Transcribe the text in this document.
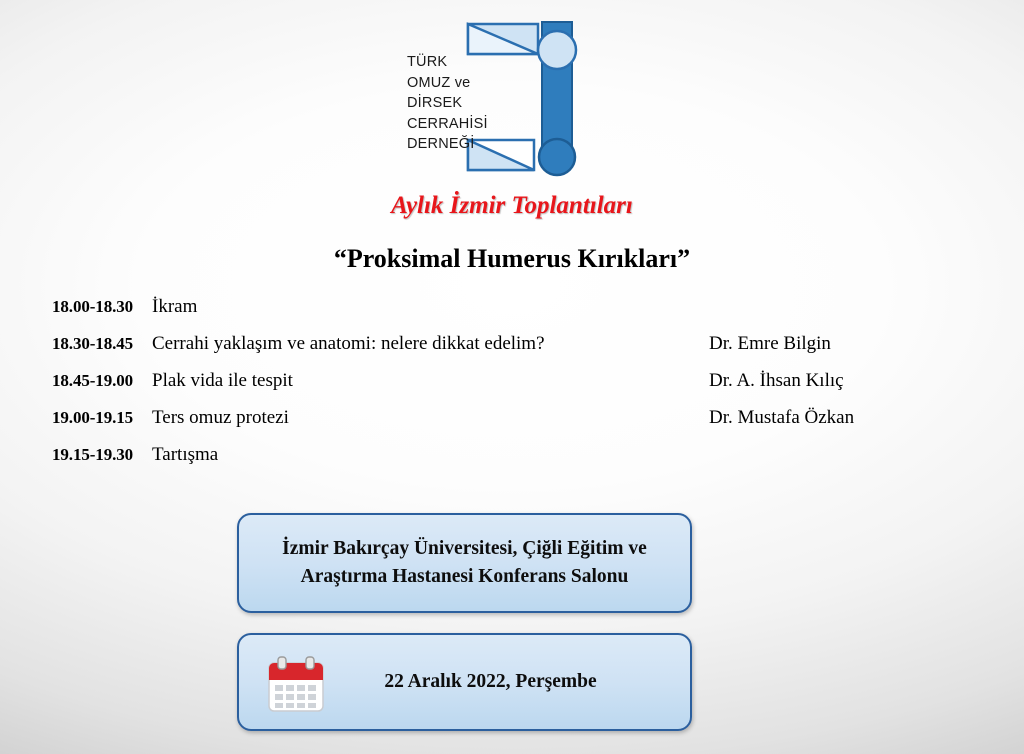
TÜRK
OMUZ ve
DİRSEK
CERRAHİSİ
DERNEĞİ
Aylık İzmir Toplantıları
“Proksimal Humerus Kırıkları”
18.00-18.30 İkram
18.30-18.45 Cerrahi yaklaşım ve anatomi: nelere dikkat edelim?	Dr. Emre Bilgin
18.45-19.00 Plak vida ile tespit	Dr. A. İhsan Kılıç
19.00-19.15 Ters omuz protezi	Dr. Mustafa Özkan
19.15-19.30 Tartışma
İzmir Bakırçay Üniversitesi, Çiğli Eğitim ve
Araştırma Hastanesi Konferans Salonu
22 Aralık 2022, Perşembe
